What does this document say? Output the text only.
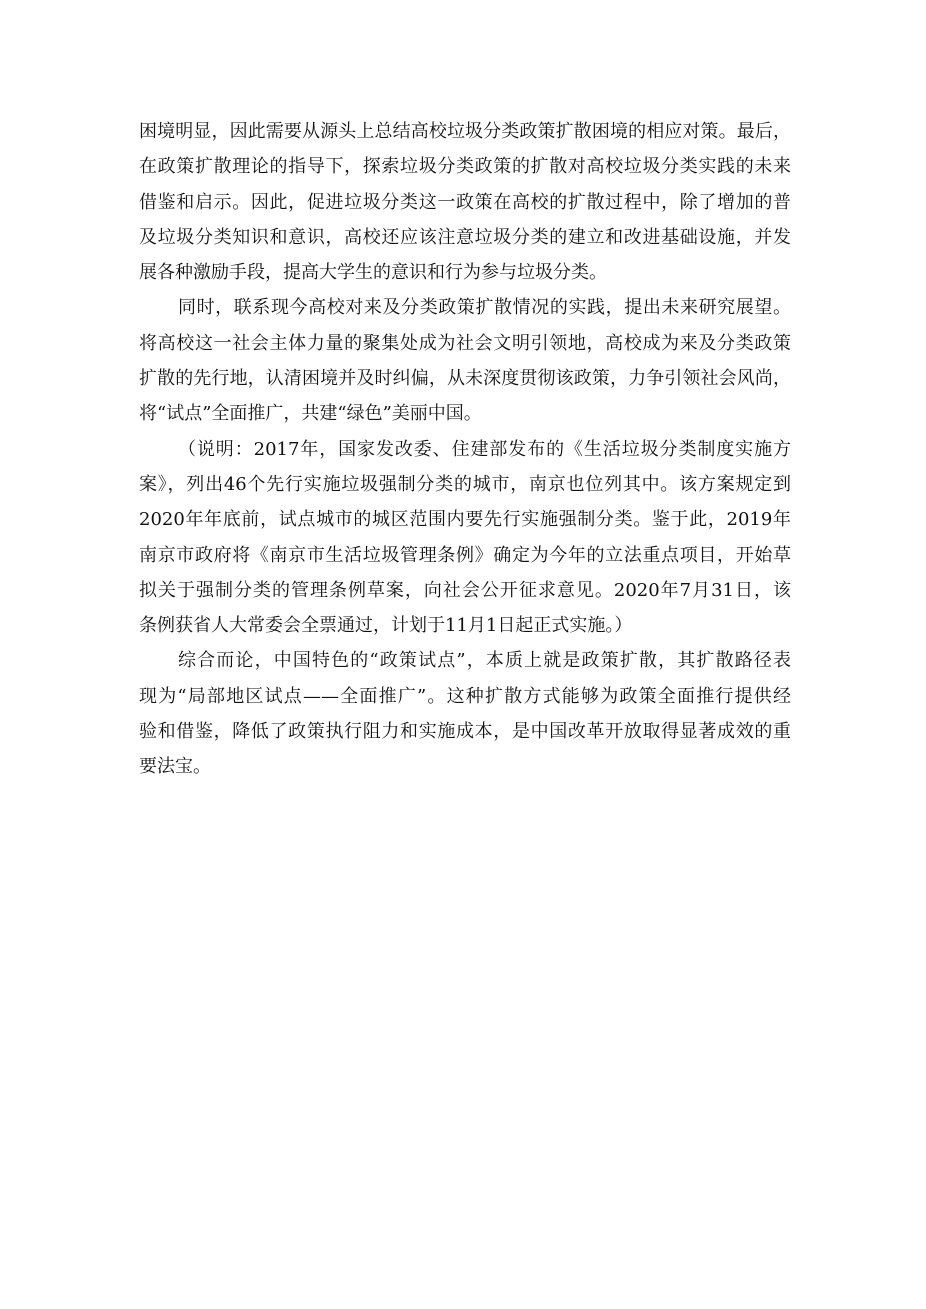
困境明显，因此需要从源头上总结高校垃圾分类政策扩散困境的相应对策。最后，
在政策扩散理论的指导下，探索垃圾分类政策的扩散对高校垃圾分类实践的未来
借鉴和启示。因此，促进垃圾分类这一政策在高校的扩散过程中，除了增加的普
及垃圾分类知识和意识，高校还应该注意垃圾分类的建立和改进基础设施，并发
展各种激励手段，提高大学生的意识和行为参与垃圾分类。
同时，联系现今高校对来及分类政策扩散情况的实践，提出未来研究展望。
将高校这一社会主体力量的聚集处成为社会文明引领地，高校成为来及分类政策
扩散的先行地，认清困境并及时纠偏，从未深度贯彻该政策，力争引领社会风尚，
将“试点”全面推广，共建“绿色”美丽中国。
（说明：2017年，国家发改委、住建部发布的《生活垃圾分类制度实施方
案》，列出46个先行实施垃圾强制分类的城市，南京也位列其中。该方案规定到
2020年年底前，试点城市的城区范围内要先行实施强制分类。鉴于此，2019年
南京市政府将《南京市生活垃圾管理条例》确定为今年的立法重点项目，开始草
拟关于强制分类的管理条例草案，向社会公开征求意见。2020年7月31日，该
条例获省人大常委会全票通过，计划于11月1日起正式实施。）
综合而论，中国特色的“政策试点”，本质上就是政策扩散，其扩散路径表
现为“局部地区试点——全面推广”。这种扩散方式能够为政策全面推行提供经
验和借鉴，降低了政策执行阻力和实施成本，是中国改革开放取得显著成效的重
要法宝。
